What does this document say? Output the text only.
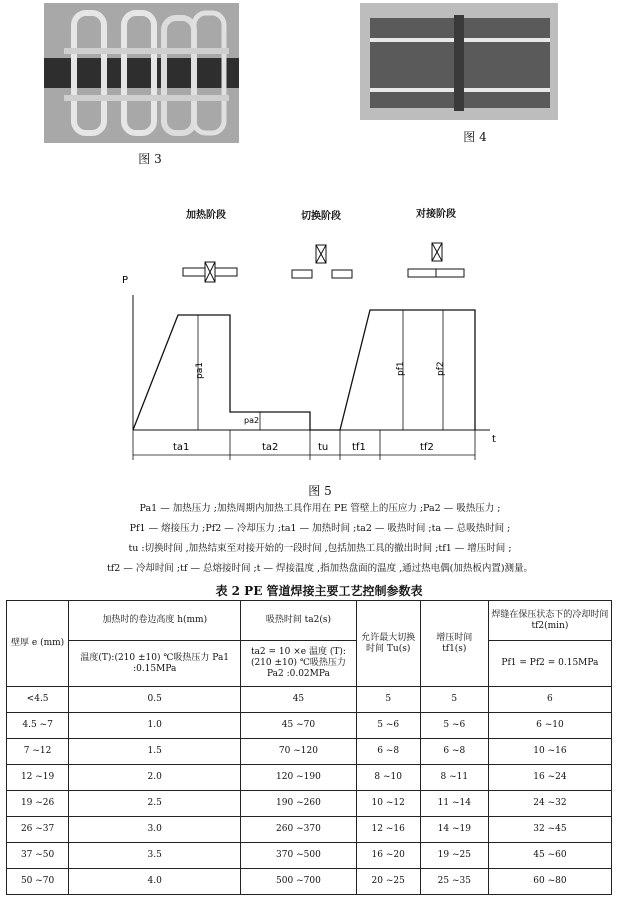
图 3
图 4
加热阶段	切换阶段	对接阶段
P
t
pa1
pa2
pf1	pf2
ta1	ta2	tu tf1	tf2
图 5
Pa1 — 加热压力 ;加热周期内加热工具作用在 PE 管壁上的压应力 ;Pa2 — 吸热压力 ;
Pf1 — 熔接压力 ;Pf2 — 冷却压力 ;ta1 — 加热时间 ;ta2 — 吸热时间 ;ta — 总吸热时间 ;
tu :切换时间 ,加热结束至对接开始的一段时间 ,包括加热工具的撤出时间 ;tf1 — 增压时间 ;
tf2 — 冷却时间 ;tf — 总熔接时间 ;t — 焊接温度 ,指加热盘面的温度 ,通过热电偶(加热板内置)测量。
表 2 PE 管道焊接主要工艺控制参数表
壁厚 e (mm)	加热时的卷边高度 h(mm)	吸热时间 ta2(s)	允许最大切换时间 Tu(s)	增压时间 tf1(s)	焊缝在保压状态下的冷却时间 tf2(min)
	温度(T):(210 ±10) ℃吸热压力 Pa1 :0.15MPa	ta2 = 10 ×e 温度 (T):(210 ±10) ℃吸热压力 Pa2 :0.02MPa			Pf1 = Pf2 = 0.15MPa
<4.5	0.5	45	5	5	6
4.5 ~7	1.0	45 ~70	5 ~6	5 ~6	6 ~10
7 ~12	1.5	70 ~120	6 ~8	6 ~8	10 ~16
12 ~19	2.0	120 ~190	8 ~10	8 ~11	16 ~24
19 ~26	2.5	190 ~260	10 ~12	11 ~14	24 ~32
26 ~37	3.0	260 ~370	12 ~16	14 ~19	32 ~45
37 ~50	3.5	370 ~500	16 ~20	19 ~25	45 ~60
50 ~70	4.0	500 ~700	20 ~25	25 ~35	60 ~80
